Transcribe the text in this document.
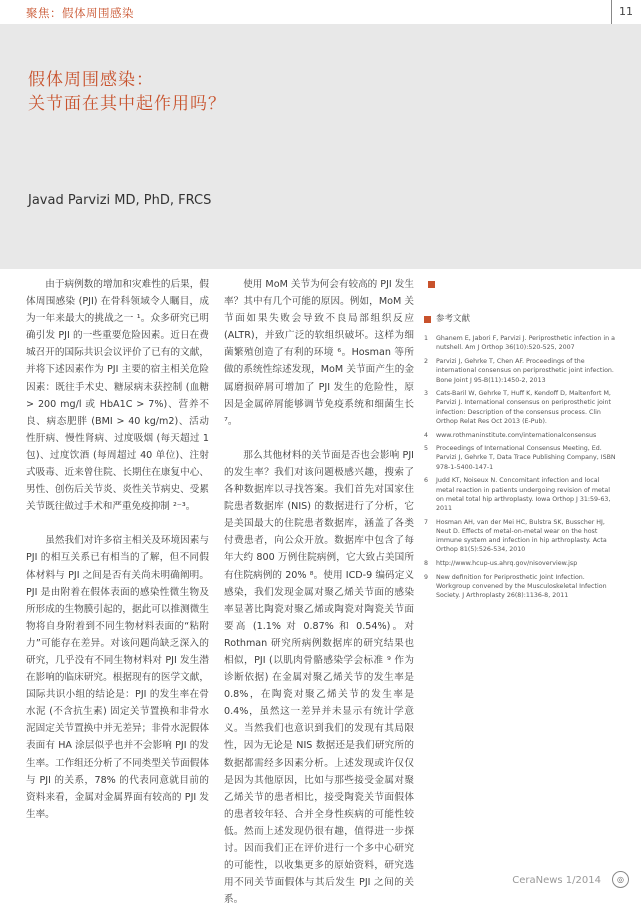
聚焦：假体周围感染	11
假体周围感染：
关节面在其中起作用吗？
Javad Parvizi MD, PhD, FRCS

由于病例数的增加和灾难性的后果，假体周围感染 (PJI) 在骨科领域令人瞩目，成为一年来最大的挑战之一 ¹。众多研究已明确引发 PJI 的一些重要危险因素。近日在费城召开的国际共识会议评价了已有的文献，并将下述因素作为 PJI 主要的宿主相关危险因素：既往手术史、糖尿病未获控制 (血糖 > 200 mg/l 或 HbA1C > 7%)、营养不良、病态肥胖 (BMI > 40 kg/m2)、活动性肝病、慢性肾病、过度吸烟 (每天超过 1 包)、过度饮酒 (每周超过 40 单位)、注射式吸毒、近来曾住院、长期住在康复中心、男性、创伤后关节炎、炎性关节病史、受累关节既往做过手术和严重免疫抑制 ²⁻³。

虽然我们对许多宿主相关及环境因素与 PJI 的相互关系已有相当的了解，但不同假体材料与 PJI 之间是否有关尚未明确阐明。PJI 是由附着在假体表面的感染性微生物及所形成的生物膜引起的，据此可以推测微生物将自身附着到不同生物材料表面的“粘附力”可能存在差异。对该问题尚缺乏深入的研究，几乎没有不同生物材料对 PJI 发生潜在影响的临床研究。根据现有的医学文献，国际共识小组的结论是：PJI 的发生率在骨水泥 (不含抗生素) 固定关节置换和非骨水泥固定关节置换中并无差异；非骨水泥假体表面有 HA 涂层似乎也并不会影响 PJI 的发生率。工作组还分析了不同类型关节面假体与 PJI 的关系，78% 的代表同意就目前的资料来看，金属对金属界面有较高的 PJI 发生率。

使用 MoM 关节为何会有较高的 PJI 发生率？其中有几个可能的原因。例如，MoM 关节面如果失败会导致不良局部组织反应 (ALTR)，并致广泛的软组织破坏。这样为细菌繁殖创造了有利的环境 ⁶。Hosman 等所做的系统性综述发现，MoM 关节面产生的金属磨损碎屑可增加了 PJI 发生的危险性，原因是金属碎屑能够调节免疫系统和细菌生长 ⁷。

那么其他材料的关节面是否也会影响 PJI 的发生率？我们对该问题极感兴趣，搜索了各种数据库以寻找答案。我们首先对国家住院患者数据库 (NIS) 的数据进行了分析，它是美国最大的住院患者数据库，涵盖了各类付费患者，向公众开放。数据库中包含了每年大约 800 万例住院病例，它大致占美国所有住院病例的 20% ⁸。使用 ICD-9 编码定义感染，我们发现金属对聚乙烯关节面的感染率显著比陶瓷对聚乙烯或陶瓷对陶瓷关节面要高 (1.1% 对 0.87% 和 0.54%)。对 Rothman 研究所病例数据库的研究结果也相似，PJI (以肌肉骨骼感染学会标准 ⁹ 作为诊断依据) 在金属对聚乙烯关节的发生率是 0.8%，在陶瓷对聚乙烯关节的发生率是 0.4%，虽然这一差异并未显示有统计学意义。当然我们也意识到我们的发现有其局限性，因为无论是 NIS 数据还是我们研究所的数据都需经多因素分析。上述发现或许仅仅是因为其他原因，比如与那些接受金属对聚乙烯关节的患者相比，接受陶瓷关节面假体的患者较年轻、合并全身性疾病的可能性较低。然而上述发现仍很有趣，值得进一步探讨。因而我们正在评价进行一个多中心研究的可能性，以收集更多的原始资料，研究选用不同关节面假体与其后发生 PJI 之间的关系。

参考文献
1	Ghanem E, Jabori F, Parvizi J. Periprosthetic infection in a nutshell. Am J Orthop 36(10):520-525, 2007
2	Parvizi J, Gehrke T, Chen AF. Proceedings of the international consensus on periprosthetic joint infection. Bone Joint J 95-B(11):1450-2, 2013
3	Cats-Baril W, Gehrke T, Huff K, Kendoff D, Maltenfort M, Parvizi J. International consensus on periprosthetic joint infection: Description of the consensus process. Clin Orthop Relat Res Oct 2013 (E-Pub).
4	www.rothmaninstitute.com/internationalconsensus
5	Proceedings of International Consensus Meeting, Ed. Parvizi J, Gehrke T, Data Trace Publishing Company, ISBN 978-1-5400-147-1
6	Judd KT, Noiseux N. Concomitant infection and local metal reaction in patients undergoing revision of metal on metal total hip arthroplasty. Iowa Orthop J 31:59-63, 2011
7	Hosman AH, van der Mei HC, Bulstra SK, Busscher HJ, Neut D. Effects of metal-on-metal wear on the host immune system and infection in hip arthroplasty. Acta Orthop 81(5):526-534, 2010
8	http://www.hcup-us.ahrq.gov/nisoverview.jsp
9	New definition for Periprosthetic Joint Infection. Workgroup convened by the Musculoskeletal Infection Society. J Arthroplasty 26(8):1136-8, 2011
CeraNews 1/2014	◎
